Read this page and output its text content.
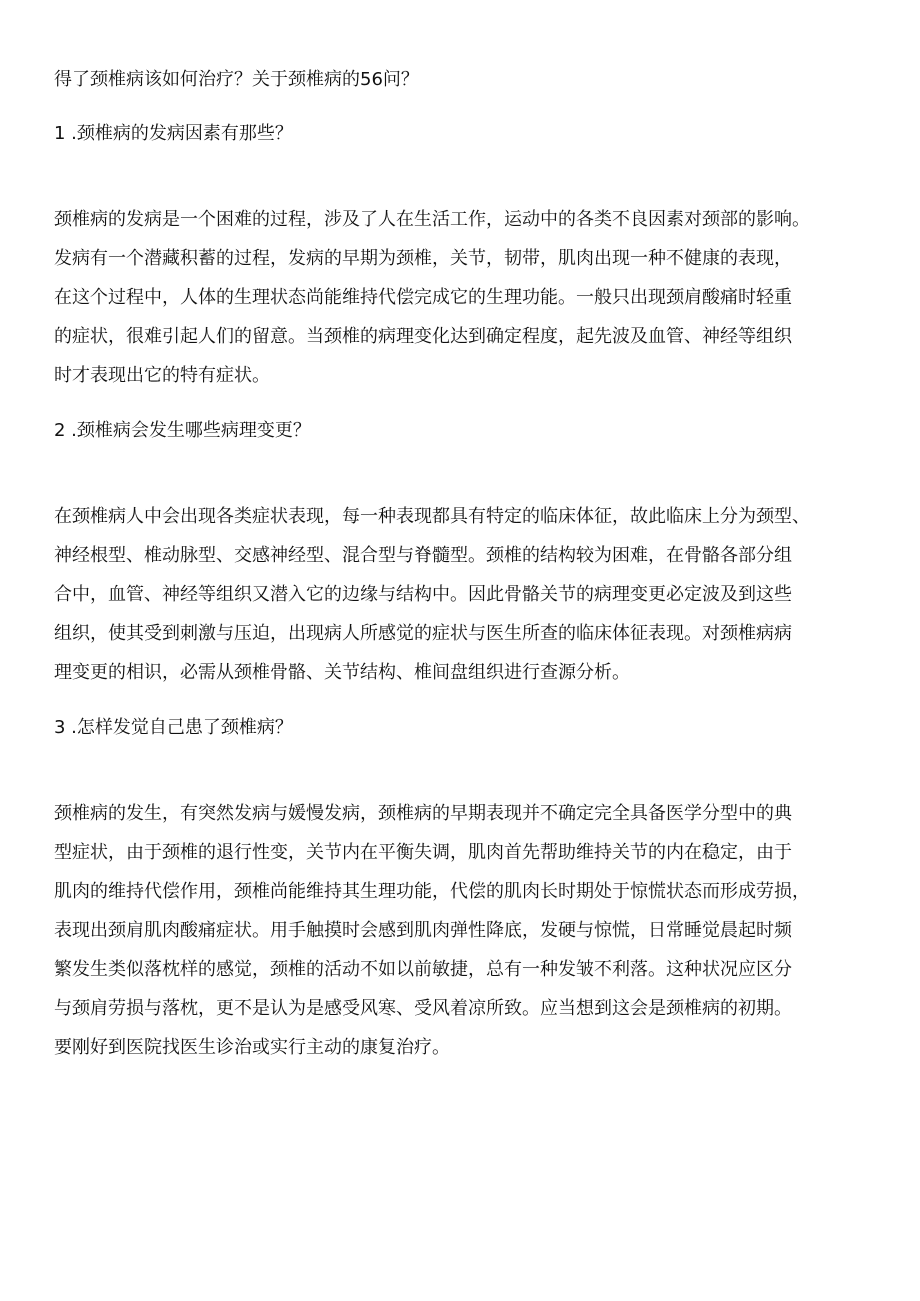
得了颈椎病该如何治疗？关于颈椎病的56问？
1 .颈椎病的发病因素有那些？
颈椎病的发病是一个困难的过程，涉及了人在生活工作，运动中的各类不良因素对颈部的影响。
发病有一个潜藏积蓄的过程，发病的早期为颈椎，关节，韧带，肌肉出现一种不健康的表现，
在这个过程中，人体的生理状态尚能维持代偿完成它的生理功能。一般只出现颈肩酸痛时轻重
的症状，很难引起人们的留意。当颈椎的病理变化达到确定程度，起先波及血管、神经等组织
时才表现出它的特有症状。
2 .颈椎病会发生哪些病理变更？
在颈椎病人中会出现各类症状表现，每一种表现都具有特定的临床体征，故此临床上分为颈型、
神经根型、椎动脉型、交感神经型、混合型与脊髓型。颈椎的结构较为困难，在骨骼各部分组
合中，血管、神经等组织又潜入它的边缘与结构中。因此骨骼关节的病理变更必定波及到这些
组织，使其受到刺激与压迫，出现病人所感觉的症状与医生所查的临床体征表现。对颈椎病病
理变更的相识，必需从颈椎骨骼、关节结构、椎间盘组织进行查源分析。
3 .怎样发觉自己患了颈椎病？
颈椎病的发生，有突然发病与媛慢发病，颈椎病的早期表现并不确定完全具备医学分型中的典
型症状，由于颈椎的退行性变，关节内在平衡失调，肌肉首先帮助维持关节的内在稳定，由于
肌肉的维持代偿作用，颈椎尚能维持其生理功能，代偿的肌肉长时期处于惊慌状态而形成劳损，
表现出颈肩肌肉酸痛症状。用手触摸时会感到肌肉弹性降底，发硬与惊慌，日常睡觉晨起时频
繁发生类似落枕样的感觉，颈椎的活动不如以前敏捷，总有一种发皱不利落。这种状况应区分
与颈肩劳损与落枕，更不是认为是感受风寒、受风着凉所致。应当想到这会是颈椎病的初期。
要刚好到医院找医生诊治或实行主动的康复治疗。
